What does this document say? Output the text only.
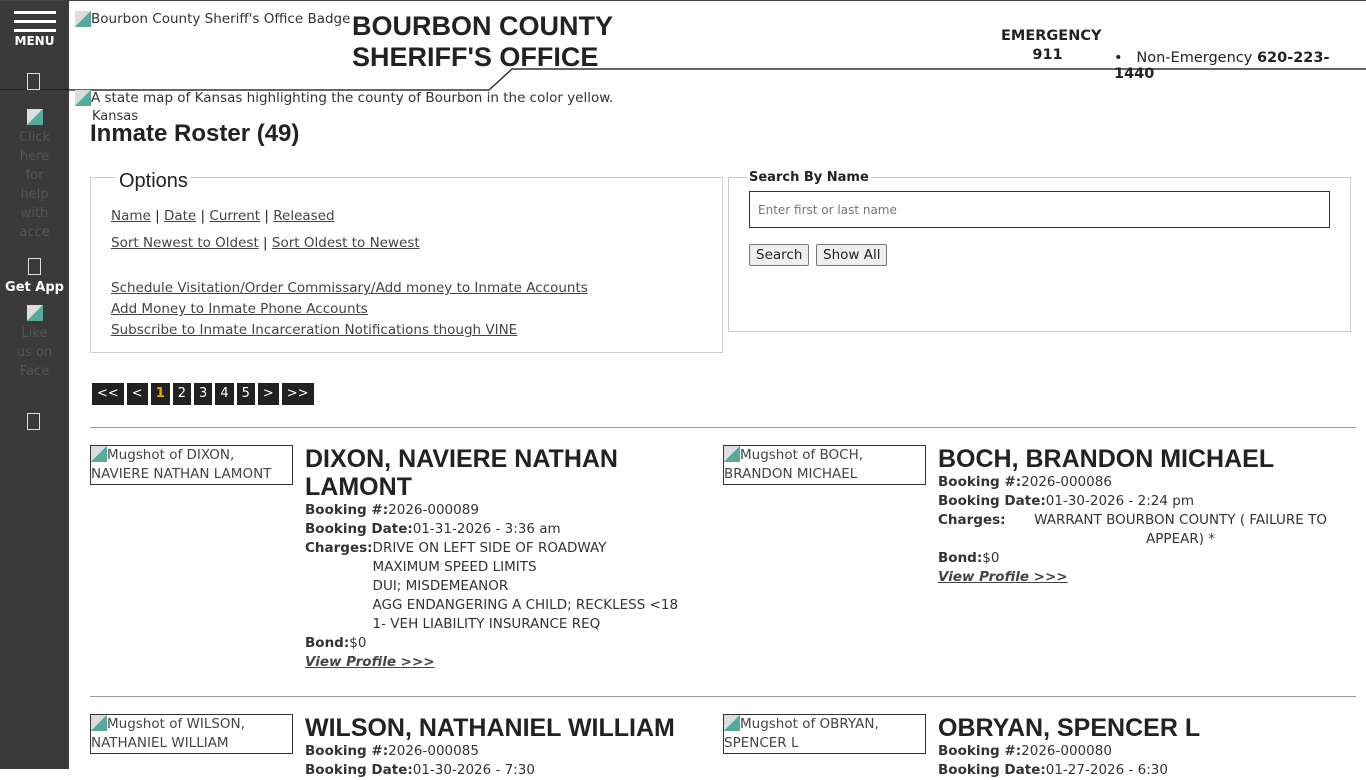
MENU

Click here for help with acce
Get App

Like us on Face
Bourbon County Sheriff's Office Badge BOURBON COUNTY
SHERIFF'S OFFICE
EMERGENCY
911	•   Non-Emergency 620-223-1440
A state map of Kansas highlighting the county of Bourbon in the color yellow.
Kansas
Inmate Roster (49)
Options
Name | Date | Current | Released
Sort Newest to Oldest | Sort Oldest to Newest
Schedule Visitation/Order Commissary/Add money to Inmate Accounts
Add Money to Inmate Phone Accounts
Subscribe to Inmate Incarceration Notifications though VINE
Search By Name
Enter first or last name
Search	Show All
<< < 1 2 3 4 5 > >>
Mugshot of DIXON, NAVIERE NATHAN LAMONT
DIXON, NAVIERE NATHAN LAMONT
Booking #:2026-000089
Booking Date:01-31-2026 - 3:36 am
Charges: DRIVE ON LEFT SIDE OF ROADWAY
MAXIMUM SPEED LIMITS
DUI; MISDEMEANOR
AGG ENDANGERING A CHILD; RECKLESS <18
1- VEH LIABILITY INSURANCE REQ
Bond:$0
View Profile >>>
Mugshot of BOCH, BRANDON MICHAEL
BOCH, BRANDON MICHAEL
Booking #:2026-000086
Booking Date:01-30-2026 - 2:24 pm
Charges:	WARRANT BOURBON COUNTY ( FAILURE TO APPEAR) *
Bond:$0
View Profile >>>
Mugshot of WILSON, NATHANIEL WILLIAM
WILSON, NATHANIEL WILLIAM
Booking #:2026-000085
Booking Date:01-30-2026 - 7:30
Mugshot of OBRYAN, SPENCER L
OBRYAN, SPENCER L
Booking #:2026-000080
Booking Date:01-27-2026 - 6:30
